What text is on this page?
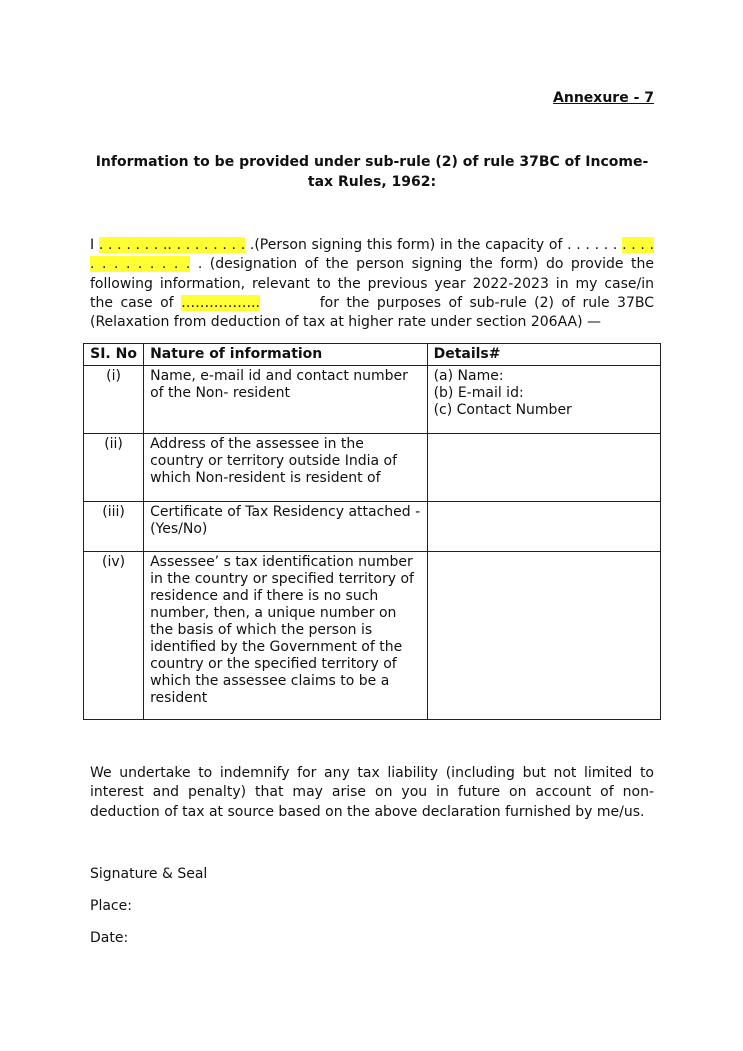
Annexure - 7
Information to be provided under sub-rule (2) of rule 37BC of Income-
tax Rules, 1962:
I . . . . . . . .. . . . . . . . . .(Person signing this form) in the capacity of . . . . . . . . . . . . . . . . . . . . (designation of the person signing the form) do provide the following information, relevant to the previous year 2022-2023 in my case/in the case of ……………..        for the purposes of sub-rule (2) of rule 37BC (Relaxation from deduction of tax at higher rate under section 206AA) —
SI. No	Nature of information	Details#
(i)	Name, e-mail id and contact number of the Non- resident	(a) Name:
(b) E-mail id:
(c) Contact Number

(ii)	Address of the assessee in the country or territory outside India of which Non-resident is resident of	
(iii)	Certificate of Tax Residency attached - (Yes/No)	
(iv)	Assessee’ s tax identification number in the country or specified territory of residence and if there is no such number, then, a unique number on the basis of which the person is identified by the Government of the country or the specified territory of which the assessee claims to be a resident	
We undertake to indemnify for any tax liability (including but not limited to interest and penalty) that may arise on you in future on account of non-deduction of tax at source based on the above declaration furnished by me/us.
Signature & Seal
Place:
Date:
